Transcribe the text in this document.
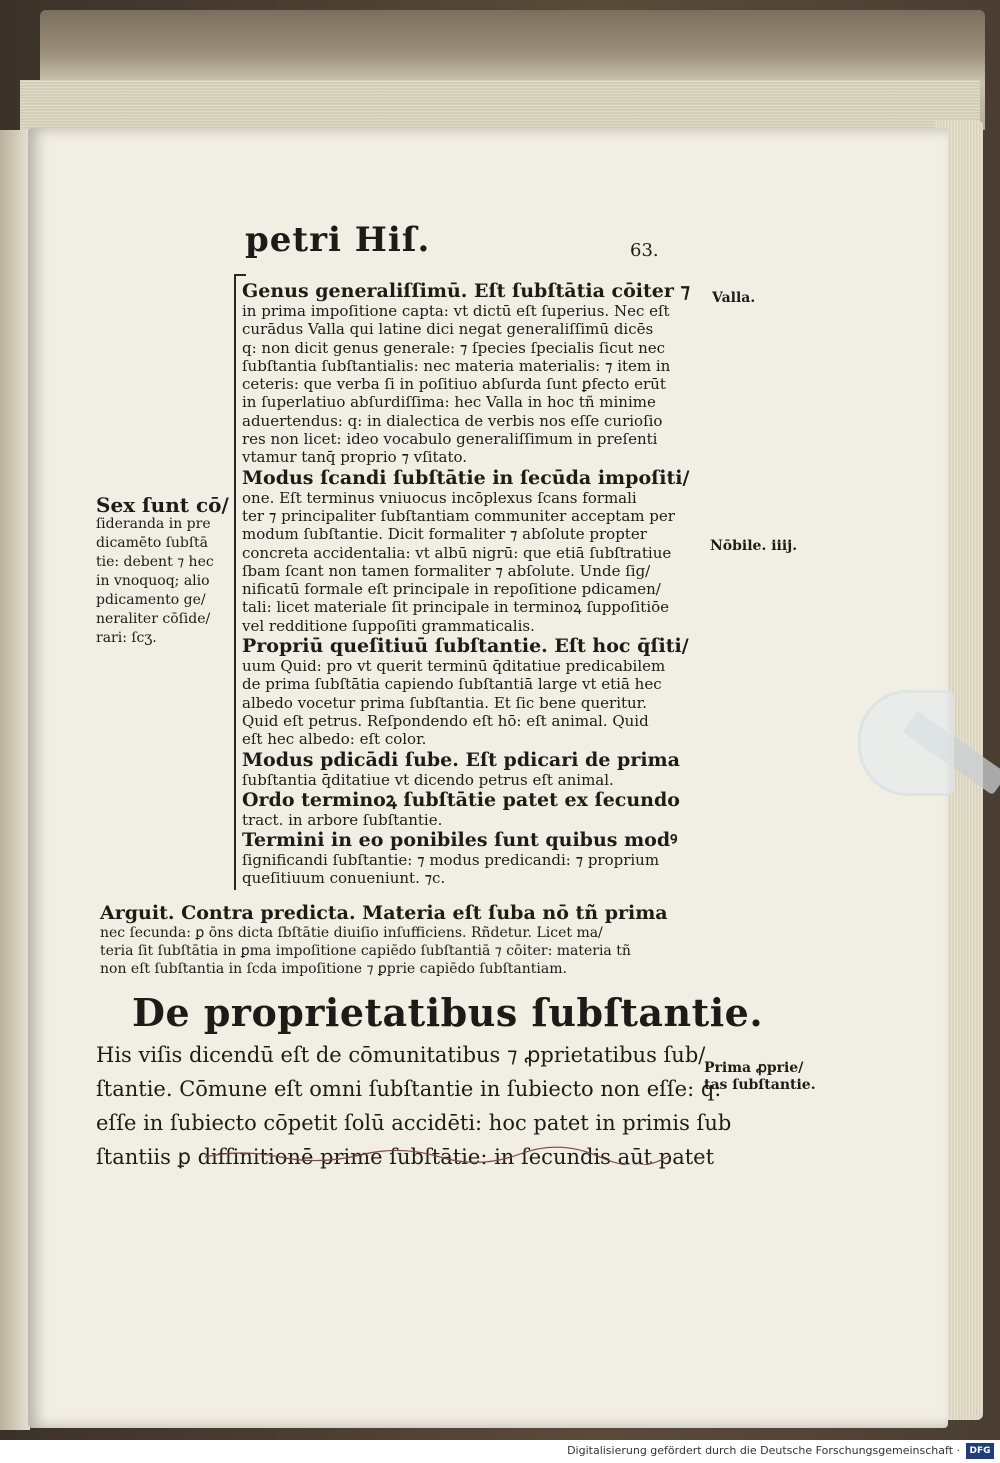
petri Hiſ.	63.
Genus generaliſſimū. Eſt ſubſtātia cōiter ⁊
in prima impoſitione capta: vt dictū eſt ſuperius. Nec eſt
curādus Valla qui latine dici negat generaliſſimū dicēs
q: non dicit genus generale: ⁊ ſpecies ſpecialis ſicut nec
ſubſtantia ſubſtantialis: nec materia materialis: ⁊ item in
ceteris: que verba ſi in poſitiuo abſurda ſunt ꝑfecto erūt
in ſuperlatiuo abſurdiſſima: hec Valla in hoc tñ minime
aduertendus: q: in dialectica de verbis nos eſſe curioſio
res non licet: ideo vocabulo generaliſſimum in preſenti
vtamur tanq̄ proprio ⁊ vſitato.
Modus ſcandi ſubſtātie in ſecūda impoſiti/
one. Eſt terminus vniuocus incōplexus ſcans formali
ter ⁊ principaliter ſubſtantiam communiter acceptam per
modum ſubſtantie. Dicit formaliter ⁊ abſolute propter
concreta accidentalia: vt albū nigrū: que etiā ſubſtratiue
ſbam ſcant non tamen formaliter ⁊ abſolute. Unde ſig/
nificatū formale eſt principale in repoſitione pdicamen/
tali: licet materiale ſit principale in terminoꝝ ſuppoſitiōe
vel redditione ſuppoſiti grammaticalis.
Propriū queſitiuū ſubſtantie. Eſt hoc q̄ſiti/
uum Quid: pro vt querit terminū q̄ditatiue predicabilem
de prima ſubſtātia capiendo ſubſtantiā large vt etiā hec
albedo vocetur prima ſubſtantia. Et ſic bene queritur.
Quid eſt petrus. Reſpondendo eſt hō: eſt animal. Quid
eſt hec albedo: eſt color.
Modus pdicādi ſube. Eſt pdicari de prima
ſubſtantia q̄ditatiue vt dicendo petrus eſt animal.
Ordo terminoꝝ ſubſtātie patet ex ſecundo
tract. in arbore ſubſtantie.
Termini in eo ponibiles ſunt quibus modꝰ
ſignificandi ſubſtantie: ⁊ modus predicandi: ⁊ proprium
queſitiuum conueniunt. ⁊c.
Sex ſunt cō/
ſideranda in pre
dicamēto ſubſtā
tie: debent ⁊ hec
in vnoquoq; alio
pdicamento ge/
neraliter cōſide/
rari: ſcʒ.
Valla.
Nōbile. iiij.
Arguit. Contra predicta. Materia eſt ſuba nō tñ prima
nec ſecunda: ꝑ ōns dicta ſbſtātie diuiſio inſufficiens. Rñdetur. Licet ma/
teria ſit ſubſtātia in ꝑma impoſitione capiēdo ſubſtantiā ⁊ cōiter: materia tñ
non eſt ſubſtantia in ſcda impoſitione ⁊ ꝑprie capiēdo ſubſtantiam.
De proprietatibus ſubſtantie.
His viſis dicendū eſt de cōmunitatibus ⁊ ꝓprietatibus ſub/
ſtantie. Cōmune eſt omni ſubſtantie in ſubiecto non eſſe: q:
eſſe in ſubiecto cōpetit ſolū accidēti: hoc patet in primis ſub
ſtantiis ꝑ diffinitionē prime ſubſtātie: in ſecundis aūt patet
Prima ꝓprie/
tas ſubſtantie.
Digitalisierung gefördert durch die Deutsche Forschungsgemeinschaft ·	DFG
